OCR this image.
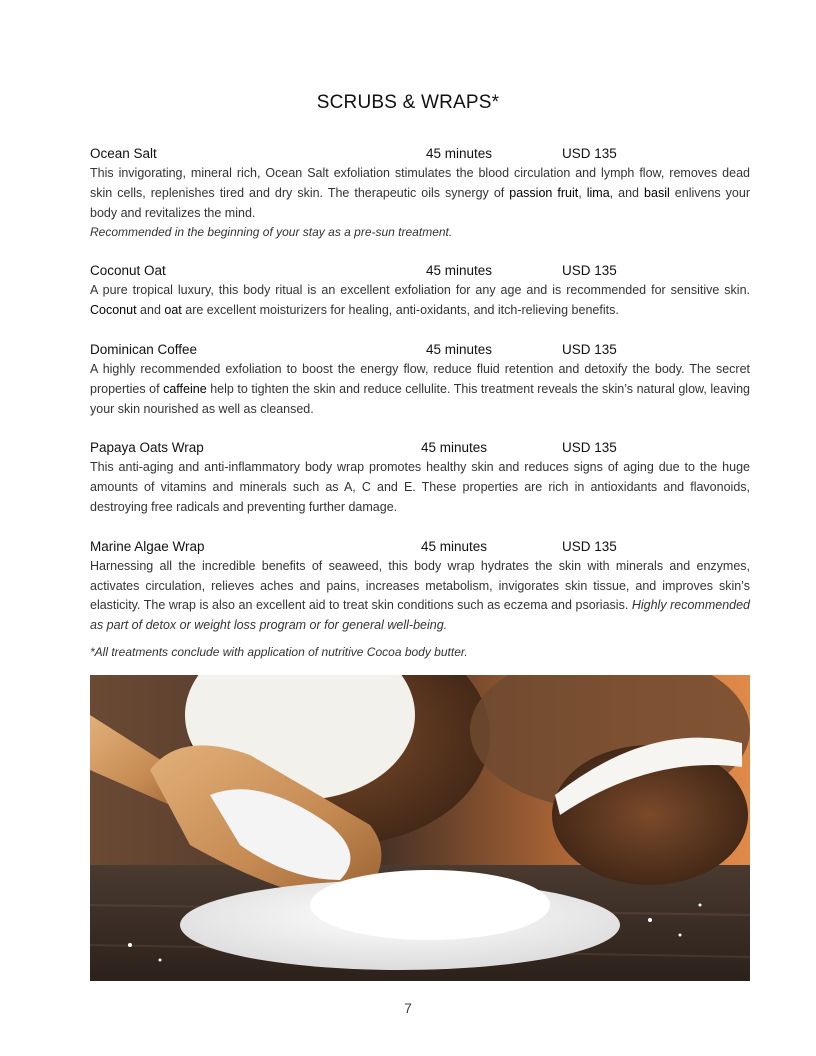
SCRUBS & WRAPS*
Ocean Salt	45 minutes	USD 135

This invigorating, mineral rich, Ocean Salt exfoliation stimulates the blood circulation and lymph flow, removes dead skin cells, replenishes tired and dry skin. The therapeutic oils synergy of passion fruit, lima, and basil enlivens your body and revitalizes the mind.

Recommended in the beginning of your stay as a pre-sun treatment.

Coconut Oat	45 minutes	USD 135

A pure tropical luxury, this body ritual is an excellent exfoliation for any age and is recommended for sensitive skin. Coconut and oat are excellent moisturizers for healing, anti-oxidants, and itch-relieving benefits.

Dominican Coffee	45 minutes	USD 135

A highly recommended exfoliation to boost the energy flow, reduce fluid retention and detoxify the body. The secret properties of caffeine help to tighten the skin and reduce cellulite. This treatment reveals the skin’s natural glow, leaving your skin nourished as well as cleansed.

Papaya Oats Wrap	45 minutes	USD 135

This anti-aging and anti-inflammatory body wrap promotes healthy skin and reduces signs of aging due to the huge amounts of vitamins and minerals such as A, C and E. These properties are rich in antioxidants and flavonoids, destroying free radicals and preventing further damage.

Marine Algae Wrap	45 minutes	USD 135

Harnessing all the incredible benefits of seaweed, this body wrap hydrates the skin with minerals and enzymes, activates circulation, relieves aches and pains, increases metabolism, invigorates skin tissue, and improves skin’s elasticity. The wrap is also an excellent aid to treat skin conditions such as eczema and psoriasis. Highly recommended as part of detox or weight loss program or for general well-being.

*All treatments conclude with application of nutritive Cocoa body butter.
7
